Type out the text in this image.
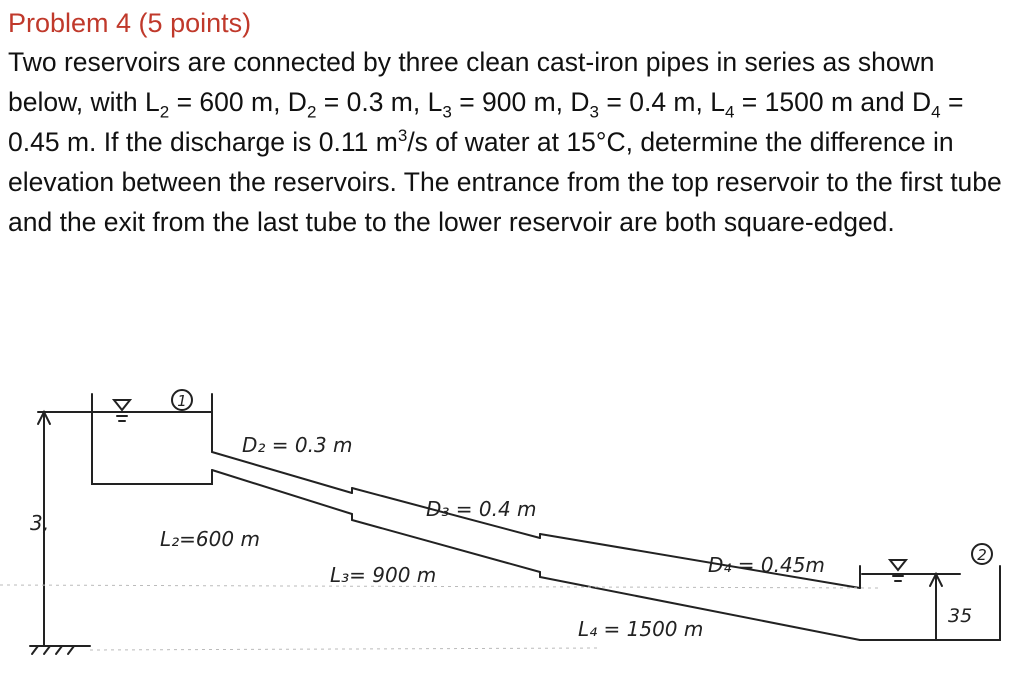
Problem 4 (5 points)

Two reservoirs are connected by three clean cast-iron pipes in series as shown below, with $L_2 = 600$ m, $D_2 = 0.3$ m, $L_3 = 900$ m, $D_3 = 0.4$ m, $L_4 = 1500$ m and $D_4 = 0.45$ m. If the discharge is 0.11 $m^3/s$ of water at 15°C, determine the difference in elevation between the reservoirs. The entrance from the top reservoir to the first tube and the exit from the last tube to the lower reservoir are both square-edged.

1
2
3,
35
D₂ = 0.3 m
D₃ = 0.4 m
D₄ = 0.45m
L₂=600 m
L₃= 900 m
L₄ = 1500 m
